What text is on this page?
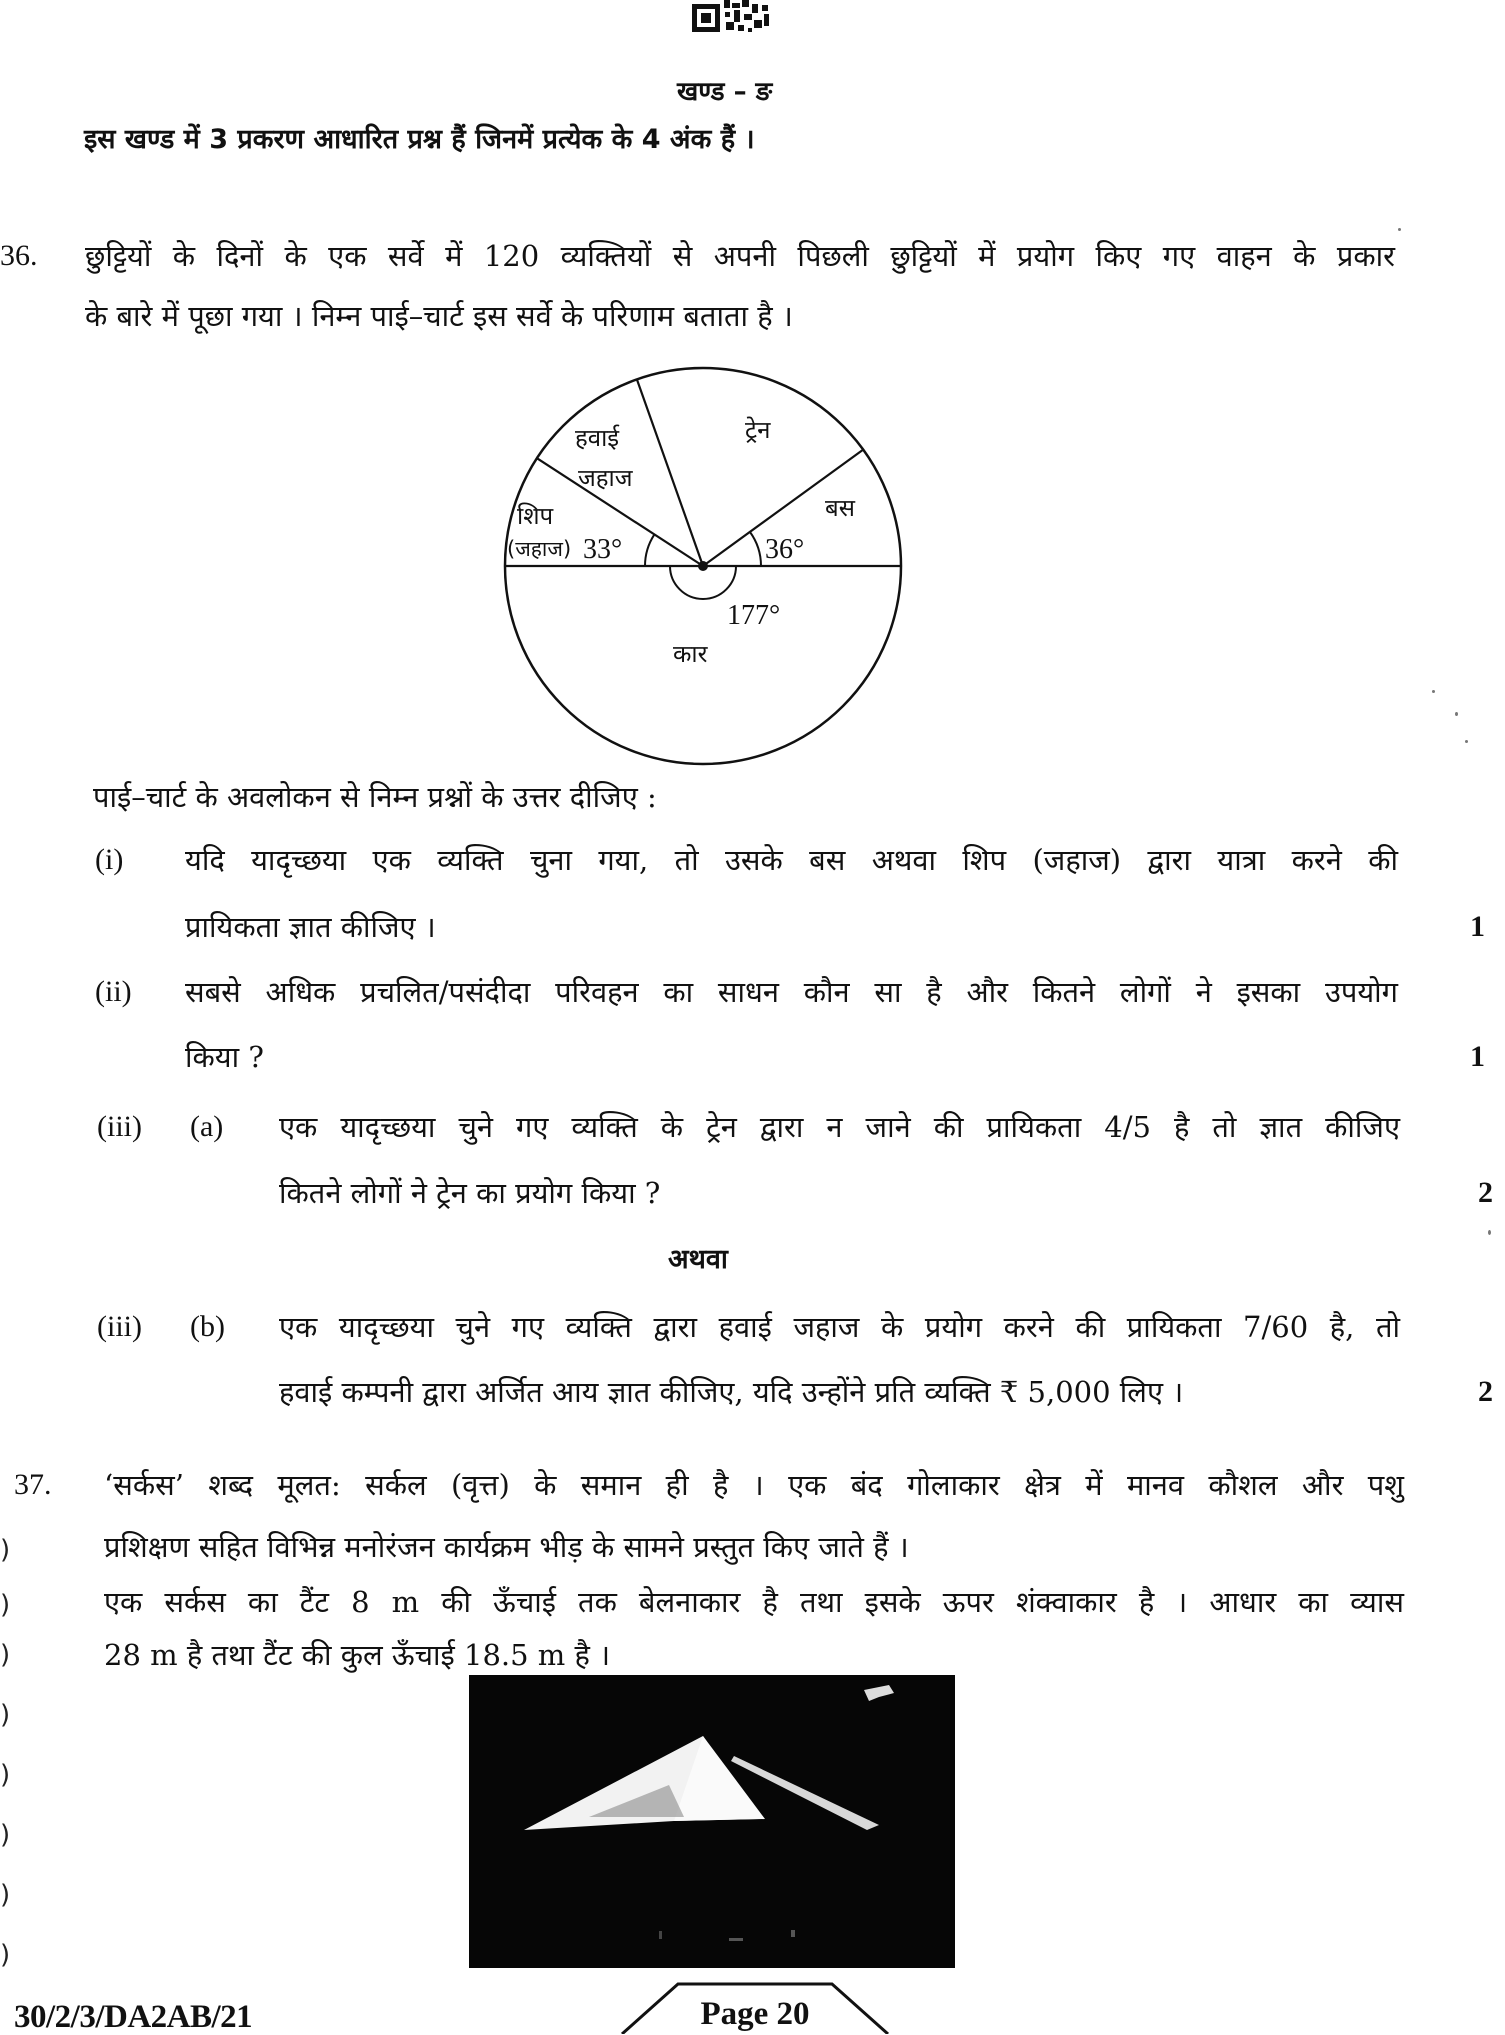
खण्ड – ङ
इस खण्ड में 3 प्रकरण आधारित प्रश्न हैं जिनमें प्रत्येक के 4 अंक हैं ।
36. छुट्टियों के दिनों के एक सर्वे में 120 व्यक्तियों से अपनी पिछली छुट्टियों में प्रयोग किए गए वाहन के प्रकार
के बारे में पूछा गया । निम्न पाई–चार्ट इस सर्वे के परिणाम बताता है ।
ट्रेन
हवाई
जहाज
बस
शिप
(जहाज) 33°	36°
177°
कार
पाई–चार्ट के अवलोकन से निम्न प्रश्नों के उत्तर दीजिए :
(i) यदि यादृच्छया एक व्यक्ति चुना गया, तो उसके बस अथवा शिप (जहाज) द्वारा यात्रा करने की
प्रायिकता ज्ञात कीजिए ।	1
(ii) सबसे अधिक प्रचलित/पसंदीदा परिवहन का साधन कौन सा है और कितने लोगों ने इसका उपयोग
किया ?	1
(iii) (a) एक यादृच्छया चुने गए व्यक्ति के ट्रेन द्वारा न जाने की प्रायिकता 4/5 है तो ज्ञात कीजिए
कितने लोगों ने ट्रेन का प्रयोग किया ?	2
अथवा
(iii) (b) एक यादृच्छया चुने गए व्यक्ति द्वारा हवाई जहाज के प्रयोग करने की प्रायिकता 7/60 है, तो
हवाई कम्पनी द्वारा अर्जित आय ज्ञात कीजिए, यदि उन्होंने प्रति व्यक्ति ₹ 5,000 लिए ।	2
37. ‘सर्कस’ शब्द मूलत: सर्कल (वृत्त) के समान ही है । एक बंद गोलाकार क्षेत्र में मानव कौशल और पशु
प्रशिक्षण सहित विभिन्न मनोरंजन कार्यक्रम भीड़ के सामने प्रस्तुत किए जाते हैं ।
एक सर्कस का टैंट 8 m की ऊँचाई तक बेलनाकार है तथा इसके ऊपर शंक्वाकार है । आधार का व्यास
28 m है तथा टैंट की कुल ऊँचाई 18.5 m है ।
)
)
)
)
)
)
)
)
30/2/3/DA2AB/21	Page 20
